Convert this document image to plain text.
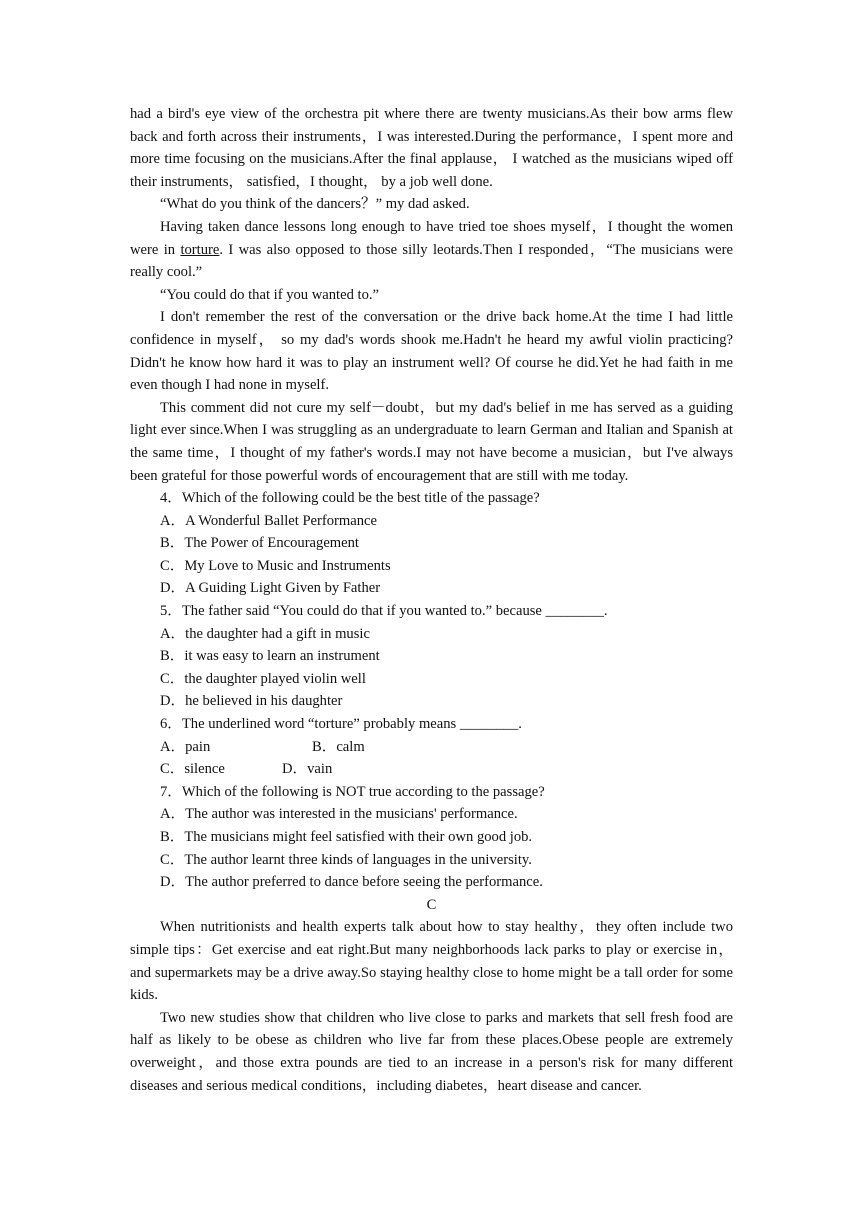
had a bird's eye view of the orchestra pit where there are twenty musicians.As their bow arms flew back and forth across their instruments，I was interested.During the performance，I spent more and more time focusing on the musicians.After the final applause， I watched as the musicians wiped off their instruments， satisfied，I thought， by a job well done.

“What do you think of the dancers？” my dad asked.

Having taken dance lessons long enough to have tried toe shoes myself，I thought the women were in torture. I was also opposed to those silly leotards.Then I responded，“The musicians were really cool.”

“You could do that if you wanted to.”

I don't remember the rest of the conversation or the drive back home.At the time I had little confidence in myself， so my dad's words shook me.Hadn't he heard my awful violin practicing? Didn't he know how hard it was to play an instrument well? Of course he did.Yet he had faith in me even though I had none in myself.

This comment did not cure my self－doubt，but my dad's belief in me has served as a guiding light ever since.When I was struggling as an undergraduate to learn German and Italian and Spanish at the same time，I thought of my father's words.I may not have become a musician，but I've always been grateful for those powerful words of encouragement that are still with me today.

4．Which of the following could be the best title of the passage?

A．A Wonderful Ballet Performance

B．The Power of Encouragement

C．My Love to Music and Instruments

D．A Guiding Light Given by Father

5．The father said “You could do that if you wanted to.” because ________.

A．the daughter had a gift in music

B．it was easy to learn an instrument

C．the daughter played violin well

D．he believed in his daughter

6．The underlined word “torture” probably means ________.

A．pain	B．calm
C．silence	D．vain

7．Which of the following is NOT true according to the passage?

A．The author was interested in the musicians' performance.

B．The musicians might feel satisfied with their own good job.

C．The author learnt three kinds of languages in the university.

D．The author preferred to dance before seeing the performance.

C

When nutritionists and health experts talk about how to stay healthy，they often include two simple tips：Get exercise and eat right.But many neighborhoods lack parks to play or exercise in，and supermarkets may be a drive away.So staying healthy close to home might be a tall order for some kids.

Two new studies show that children who live close to parks and markets that sell fresh food are half as likely to be obese as children who live far from these places.Obese people are extremely overweight，and those extra pounds are tied to an increase in a person's risk for many different diseases and serious medical conditions，including diabetes，heart disease and cancer.
